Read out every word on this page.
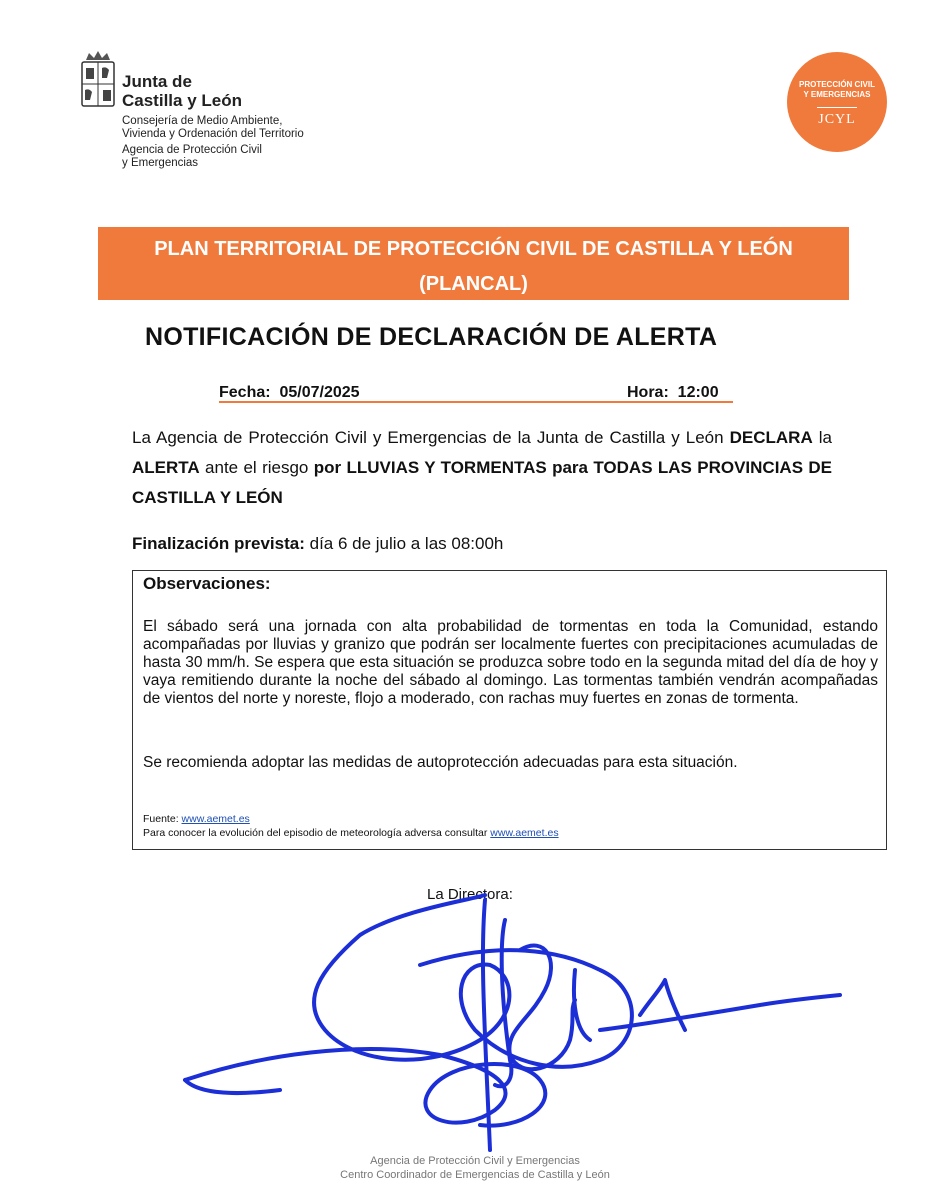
Junta de
Castilla y León
Consejería de Medio Ambiente,
Vivienda y Ordenación del Territorio
Agencia de Protección Civil
y Emergencias
PROTECCIÓN CIVIL
Y EMERGENCIAS
JCYL
PLAN TERRITORIAL DE PROTECCIÓN CIVIL DE CASTILLA Y LEÓN
(PLANCAL)
NOTIFICACIÓN DE DECLARACIÓN DE ALERTA
Fecha: 05/07/2025	Hora: 12:00
La Agencia de Protección Civil y Emergencias de la Junta de Castilla y León DECLARA la ALERTA ante el riesgo por LLUVIAS Y TORMENTAS para TODAS LAS PROVINCIAS DE CASTILLA Y LEÓN
Finalización prevista: día 6 de julio a las 08:00h
Observaciones:
El sábado será una jornada con alta probabilidad de tormentas en toda la Comunidad, estando acompañadas por lluvias y granizo que podrán ser localmente fuertes con precipitaciones acumuladas de hasta 30 mm/h. Se espera que esta situación se produzca sobre todo en la segunda mitad del día de hoy y vaya remitiendo durante la noche del sábado al domingo. Las tormentas también vendrán acompañadas de vientos del norte y noreste, flojo a moderado, con rachas muy fuertes en zonas de tormenta.
Se recomienda adoptar las medidas de autoprotección adecuadas para esta situación.
Fuente: www.aemet.es
Para conocer la evolución del episodio de meteorología adversa consultar www.aemet.es
La Directora:
Agencia de Protección Civil y Emergencias
Centro Coordinador de Emergencias de Castilla y León
